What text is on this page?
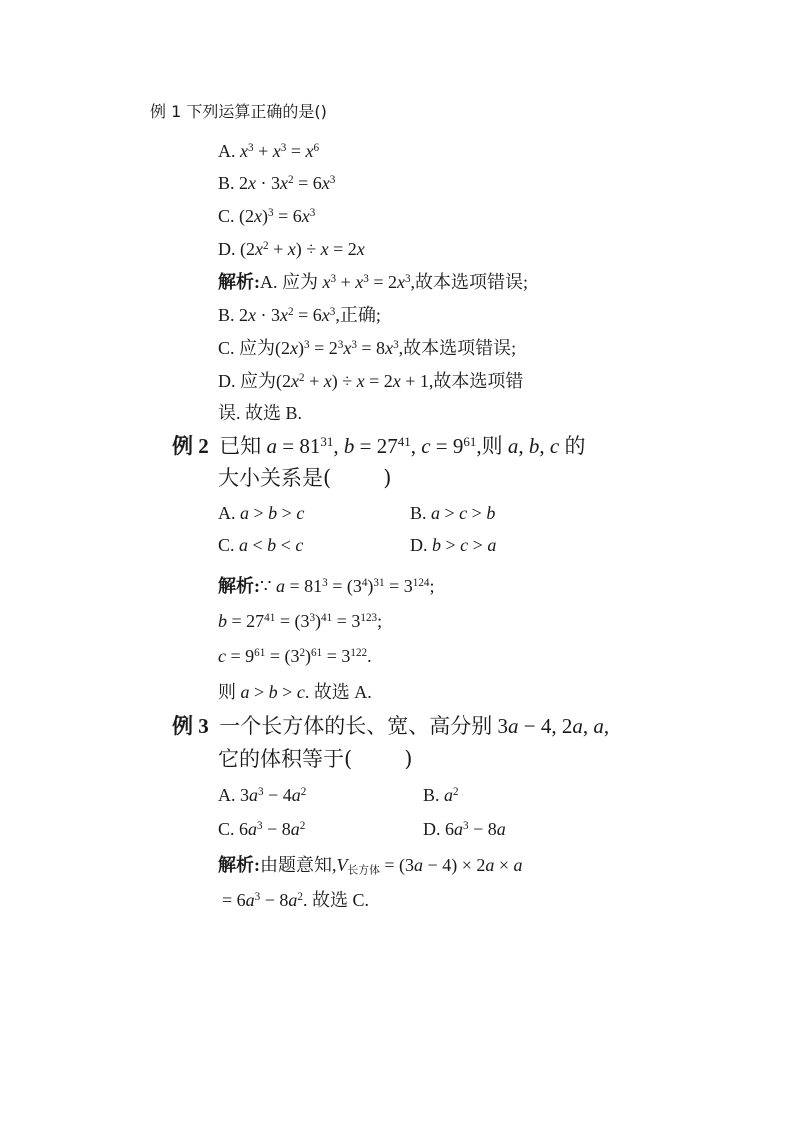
例 1 下列运算正确的是()
A. $x^3 + x^3 = x^6$
B. $2x \cdot 3x^2 = 6x^3$
C. $(2x)^3 = 6x^3$
D. $(2x^2 + x) \div x = 2x$
解析:A. 应为 $x^3 + x^3 = 2x^3$,故本选项错误;
B. $2x \cdot 3x^2 = 6x^3$,正确;
C. 应为$(2x)^3 = 2^3x^3 = 8x^3$,故本选项错误;
D. 应为$(2x^2 + x) \div x = 2x + 1$,故本选项错
误. 故选 B.
例 2 已知 $a = 81^{31}$, $b = 27^{41}$, $c = 9^{61}$,则 a, b, c 的
大小关系是( )
A. a > b > c	B. a > c > b
C. a < b < c	D. b > c > a
解析:∵ $a = 81^3 = (3^4)^{31} = 3^{124}$;
$b = 27^{41} = (3^3)^{41} = 3^{123}$;
$c = 9^{61} = (3^2)^{61} = 3^{122}$.
则 a > b > c. 故选 A.
例 3 一个长方体的长、宽、高分别 3a − 4, 2a, a,
它的体积等于( )
A. $3a^3 - 4a^2$	B. $a^2$
C. $6a^3 - 8a^2$	D. $6a^3 - 8a$
解析:由题意知$,V_{长方体} = (3a - 4) \times 2a \times a$
= $6a^3 - 8a^2$. 故选 C.
